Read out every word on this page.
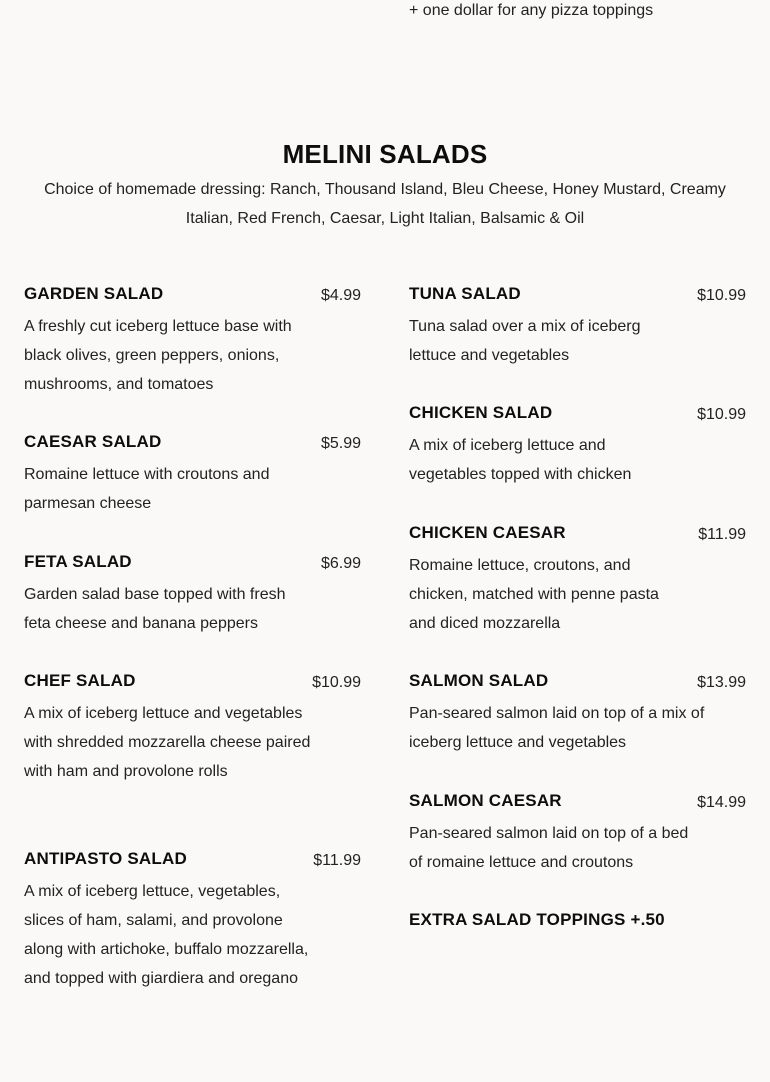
+ one dollar for any pizza toppings
MELINI SALADS
Choice of homemade dressing: Ranch, Thousand Island, Bleu Cheese, Honey Mustard, Creamy Italian, Red French, Caesar, Light Italian, Balsamic & Oil
GARDEN SALAD	$4.99
A freshly cut iceberg lettuce base with black olives, green peppers, onions, mushrooms, and tomatoes
CAESAR SALAD	$5.99
Romaine lettuce with croutons and parmesan cheese
FETA SALAD	$6.99
Garden salad base topped with fresh feta cheese and banana peppers
CHEF SALAD	$10.99
A mix of iceberg lettuce and vegetables with shredded mozzarella cheese paired with ham and provolone rolls
ANTIPASTO SALAD	$11.99
A mix of iceberg lettuce, vegetables, slices of ham, salami, and provolone along with artichoke, buffalo mozzarella, and topped with giardiera and oregano
TUNA SALAD	$10.99
Tuna salad over a mix of iceberg lettuce and vegetables
CHICKEN SALAD	$10.99
A mix of iceberg lettuce and vegetables topped with chicken
CHICKEN CAESAR	$11.99
Romaine lettuce, croutons, and chicken, matched with penne pasta and diced mozzarella
SALMON SALAD	$13.99
Pan-seared salmon laid on top of a mix of iceberg lettuce and vegetables
SALMON CAESAR	$14.99
Pan-seared salmon laid on top of a bed of romaine lettuce and croutons
EXTRA SALAD TOPPINGS +.50
